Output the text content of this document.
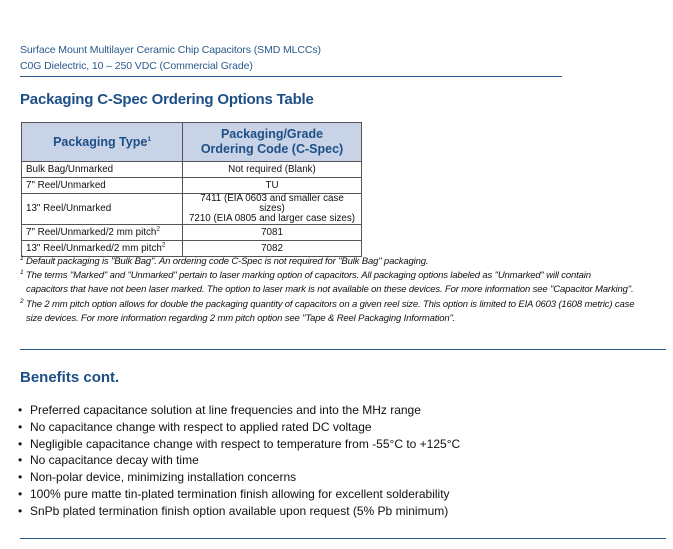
Surface Mount Multilayer Ceramic Chip Capacitors (SMD MLCCs)
C0G Dielectric, 10 – 250 VDC (Commercial Grade)
Packaging C-Spec Ordering Options Table
Packaging Type$^1$	Packaging/Grade
Ordering Code (C-Spec)
Bulk Bag/Unmarked	Not required (Blank)
7" Reel/Unmarked	TU
13" Reel/Unmarked	7411 (EIA 0603 and smaller case sizes)
7210 (EIA 0805 and larger case sizes)

7" Reel/Unmarked/2 mm pitch$^2$	7081
13" Reel/Unmarked/2 mm pitch$^2$	7082

$^1$ Default packaging is "Bulk Bag". An ordering code C-Spec is not required for "Bulk Bag" packaging.

$^1$ The terms "Marked" and "Unmarked" pertain to laser marking option of capacitors. All packaging options labeled as "Unmarked" will contain

capacitors that have not been laser marked. The option to laser mark is not available on these devices. For more information see "Capacitor Marking".

$^2$ The 2 mm pitch option allows for double the packaging quantity of capacitors on a given reel size. This option is limited to EIA 0603 (1608 metric) case

size devices. For more information regarding 2 mm pitch option see "Tape & Reel Packaging Information".

Benefits cont.
• Preferred capacitance solution at line frequencies and into the MHz range
• No capacitance change with respect to applied rated DC voltage
• Negligible capacitance change with respect to temperature from -55°C to +125°C
• No capacitance decay with time
• Non-polar device, minimizing installation concerns
• 100% pure matte tin-plated termination finish allowing for excellent solderability
• SnPb plated termination finish option available upon request (5% Pb minimum)
